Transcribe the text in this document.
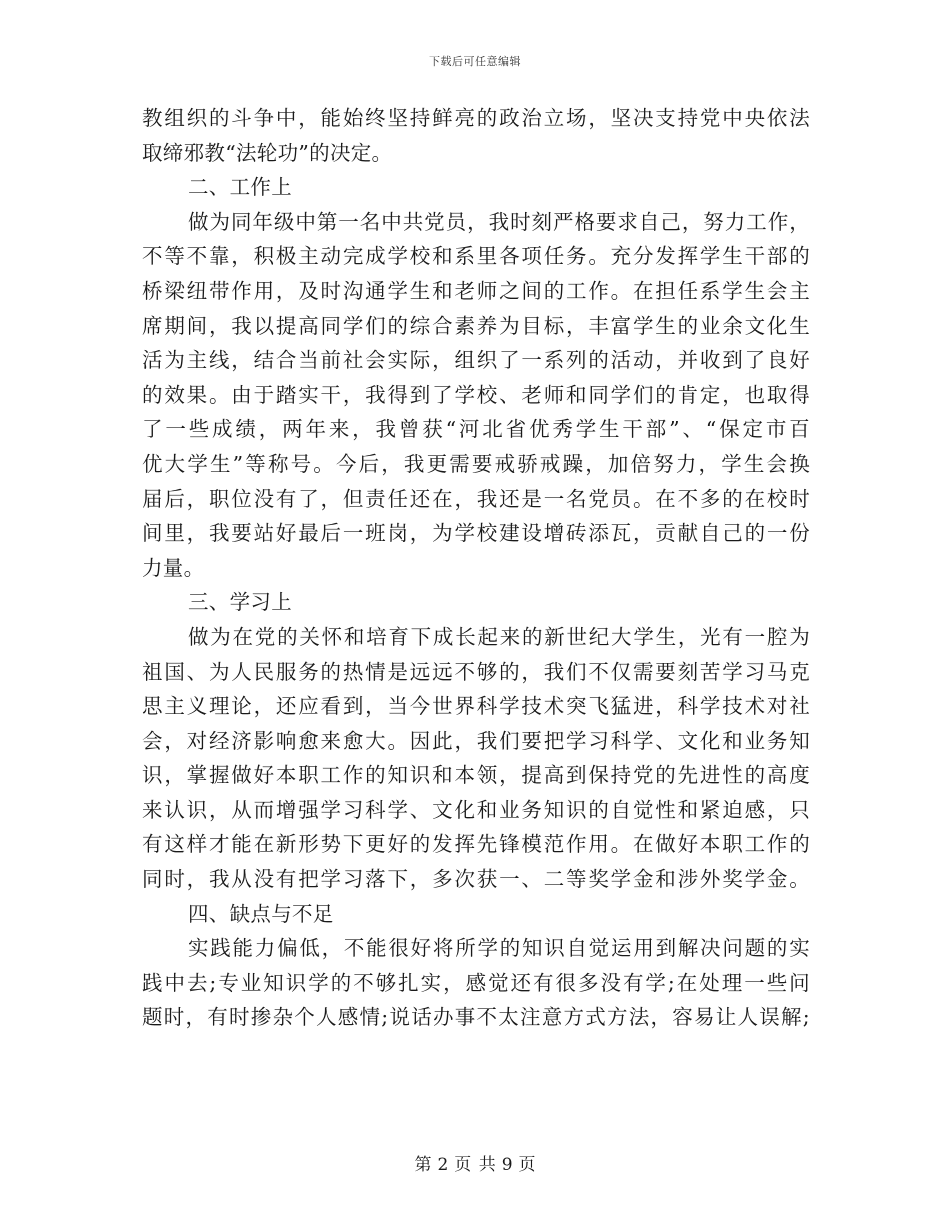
下载后可任意编辑
教组织的斗争中，能始终坚持鲜亮的政治立场，坚决支持党中央依法
取缔邪教“法轮功”的决定。
二、工作上
做为同年级中第一名中共党员，我时刻严格要求自己，努力工作，
不等不靠，积极主动完成学校和系里各项任务。充分发挥学生干部的
桥梁纽带作用，及时沟通学生和老师之间的工作。在担任系学生会主
席期间，我以提高同学们的综合素养为目标，丰富学生的业余文化生
活为主线，结合当前社会实际，组织了一系列的活动，并收到了良好
的效果。由于踏实干，我得到了学校、老师和同学们的肯定，也取得
了一些成绩，两年来，我曾获“河北省优秀学生干部”、“保定市百
优大学生”等称号。今后，我更需要戒骄戒躁，加倍努力，学生会换
届后，职位没有了，但责任还在，我还是一名党员。在不多的在校时
间里，我要站好最后一班岗，为学校建设增砖添瓦，贡献自己的一份
力量。
三、学习上
做为在党的关怀和培育下成长起来的新世纪大学生，光有一腔为
祖国、为人民服务的热情是远远不够的，我们不仅需要刻苦学习马克
思主义理论，还应看到，当今世界科学技术突飞猛进，科学技术对社
会，对经济影响愈来愈大。因此，我们要把学习科学、文化和业务知
识，掌握做好本职工作的知识和本领，提高到保持党的先进性的高度
来认识，从而增强学习科学、文化和业务知识的自觉性和紧迫感，只
有这样才能在新形势下更好的发挥先锋模范作用。在做好本职工作的
同时，我从没有把学习落下，多次获一、二等奖学金和涉外奖学金。
四、缺点与不足
实践能力偏低，不能很好将所学的知识自觉运用到解决问题的实
践中去;专业知识学的不够扎实，感觉还有很多没有学;在处理一些问
题时，有时掺杂个人感情;说话办事不太注意方式方法，容易让人误解;
第 2 页 共 9 页
